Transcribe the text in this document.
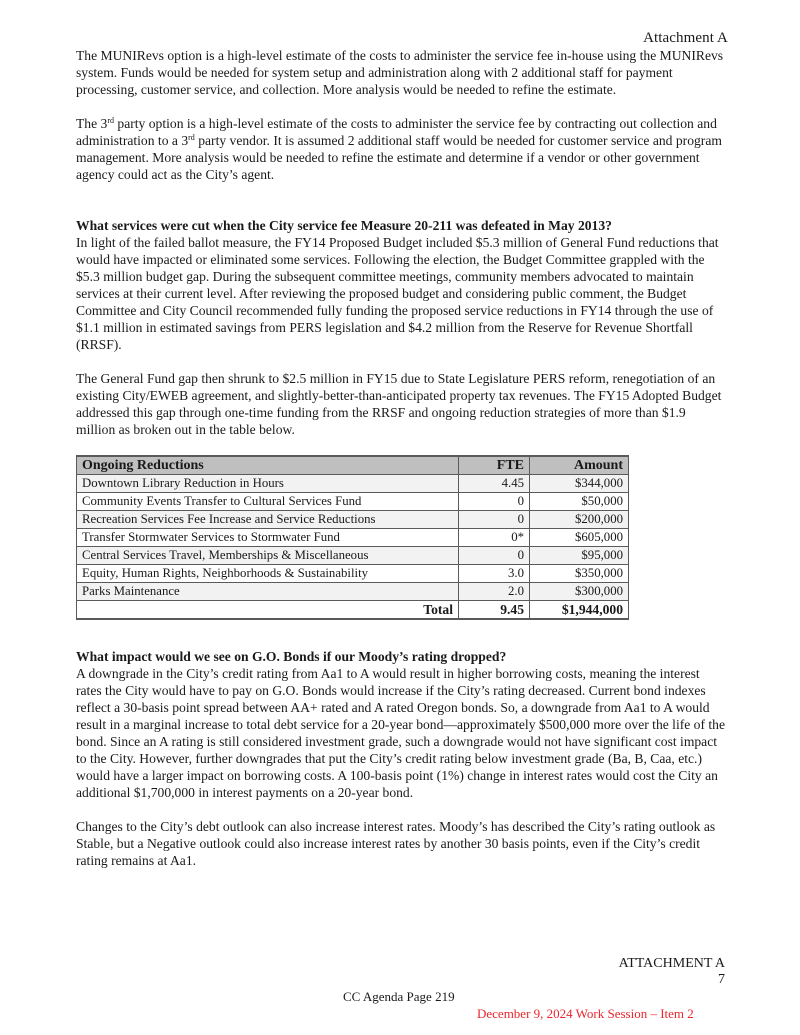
Attachment A

The MUNIRevs option is a high-level estimate of the costs to administer the service fee in-house using the MUNIRevs system. Funds would be needed for system setup and administration along with 2 additional staff for payment processing, customer service, and collection. More analysis would be needed to refine the estimate.

The 3rd party option is a high-level estimate of the costs to administer the service fee by contracting out collection and administration to a 3rd party vendor. It is assumed 2 additional staff would be needed for customer service and program management. More analysis would be needed to refine the estimate and determine if a vendor or other government agency could act as the City’s agent.

What services were cut when the City service fee Measure 20-211 was defeated in May 2013?

In light of the failed ballot measure, the FY14 Proposed Budget included $5.3 million of General Fund reductions that would have impacted or eliminated some services. Following the election, the Budget Committee grappled with the $5.3 million budget gap. During the subsequent committee meetings, community members advocated to maintain services at their current level. After reviewing the proposed budget and considering public comment, the Budget Committee and City Council recommended fully funding the proposed service reductions in FY14 through the use of $1.1 million in estimated savings from PERS legislation and $4.2 million from the Reserve for Revenue Shortfall (RRSF).

The General Fund gap then shrunk to $2.5 million in FY15 due to State Legislature PERS reform, renegotiation of an existing City/EWEB agreement, and slightly-better-than-anticipated property tax revenues. The FY15 Adopted Budget addressed this gap through one-time funding from the RRSF and ongoing reduction strategies of more than $1.9 million as broken out in the table below.

Ongoing Reductions	FTE	Amount
Downtown Library Reduction in Hours	4.45	$344,000
Community Events Transfer to Cultural Services Fund	0	$50,000
Recreation Services Fee Increase and Service Reductions	0	$200,000
Transfer Stormwater Services to Stormwater Fund	0*	$605,000
Central Services Travel, Memberships & Miscellaneous	0	$95,000
Equity, Human Rights, Neighborhoods & Sustainability	3.0	$350,000
Parks Maintenance	2.0	$300,000
Total	9.45	$1,944,000

What impact would we see on G.O. Bonds if our Moody’s rating dropped?

A downgrade in the City’s credit rating from Aa1 to A would result in higher borrowing costs, meaning the interest rates the City would have to pay on G.O. Bonds would increase if the City’s rating decreased. Current bond indexes reflect a 30-basis point spread between AA+ rated and A rated Oregon bonds. So, a downgrade from Aa1 to A would result in a marginal increase to total debt service for a 20-year bond—approximately $500,000 more over the life of the bond. Since an A rating is still considered investment grade, such a downgrade would not have significant cost impact to the City. However, further downgrades that put the City’s credit rating below investment grade (Ba, B, Caa, etc.) would have a larger impact on borrowing costs. A 100-basis point (1%) change in interest rates would cost the City an additional $1,700,000 in interest payments on a 20-year bond.

Changes to the City’s debt outlook can also increase interest rates. Moody’s has described the City’s rating outlook as Stable, but a Negative outlook could also increase interest rates by another 30 basis points, even if the City’s credit rating remains at Aa1.

ATTACHMENT A
7
CC Agenda Page 219
December 9, 2024 Work Session – Item 2
